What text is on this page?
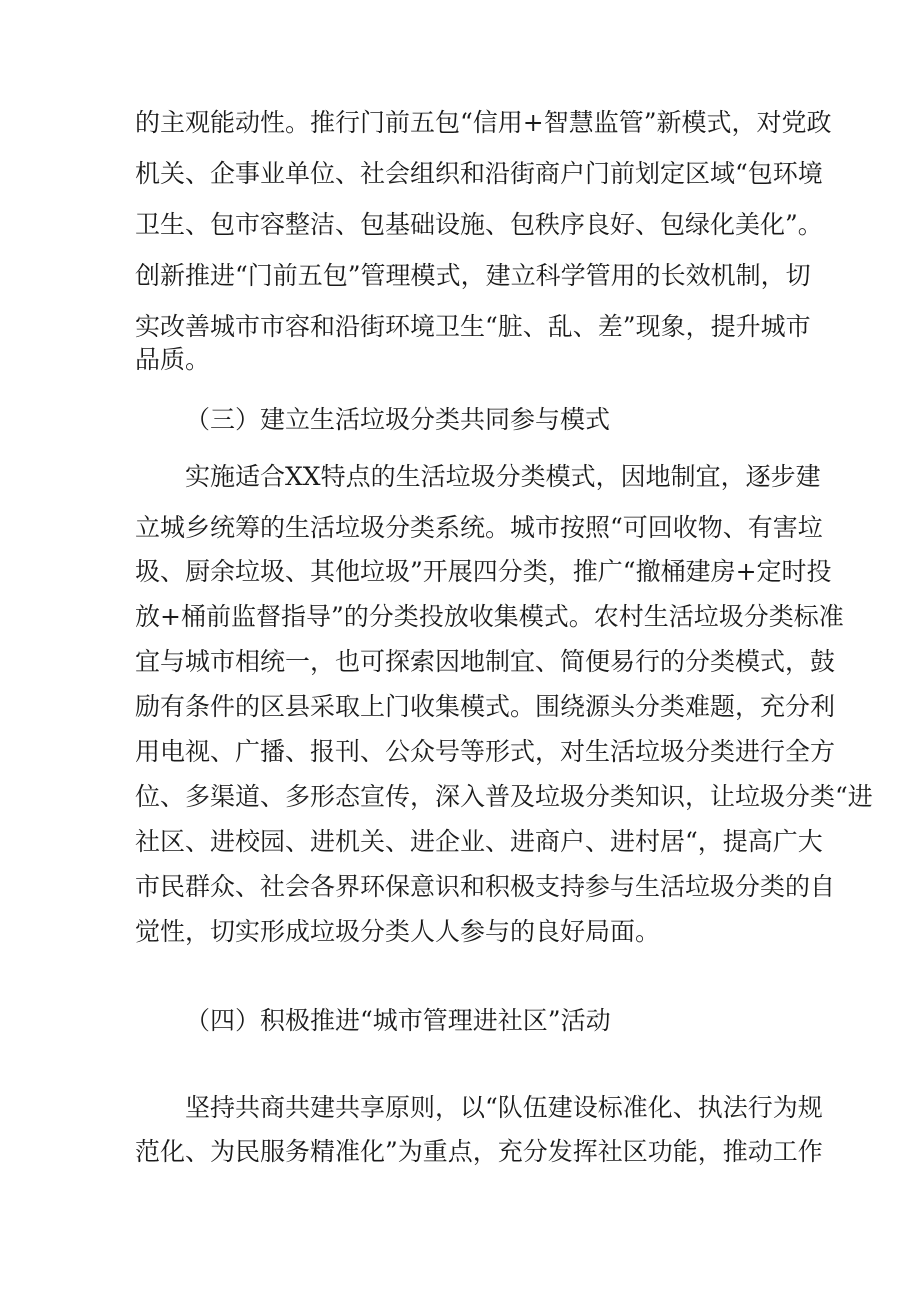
的主观能动性。推行门前五包“信用+智慧监管”新模式，对党政
机关、企事业单位、社会组织和沿街商户门前划定区域“包环境
卫生、包市容整洁、包基础设施、包秩序良好、包绿化美化”。
创新推进“门前五包”管理模式，建立科学管用的长效机制，切
实改善城市市容和沿街环境卫生“脏、乱、差”现象，提升城市
品质。
（三）建立生活垃圾分类共同参与模式
实施适合XX特点的生活垃圾分类模式，因地制宜，逐步建
立城乡统筹的生活垃圾分类系统。城市按照“可回收物、有害垃
圾、厨余垃圾、其他垃圾”开展四分类，推广“撤桶建房+定时投
放+桶前监督指导”的分类投放收集模式。农村生活垃圾分类标准
宜与城市相统一，也可探索因地制宜、简便易行的分类模式，鼓
励有条件的区县采取上门收集模式。围绕源头分类难题，充分利
用电视、广播、报刊、公众号等形式，对生活垃圾分类进行全方
位、多渠道、多形态宣传，深入普及垃圾分类知识，让垃圾分类“进
社区、进校园、进机关、进企业、进商户、进村居“，提高广大
市民群众、社会各界环保意识和积极支持参与生活垃圾分类的自
觉性，切实形成垃圾分类人人参与的良好局面。
（四）积极推进“城市管理进社区”活动
坚持共商共建共享原则，以“队伍建设标准化、执法行为规
范化、为民服务精准化”为重点，充分发挥社区功能，推动工作
